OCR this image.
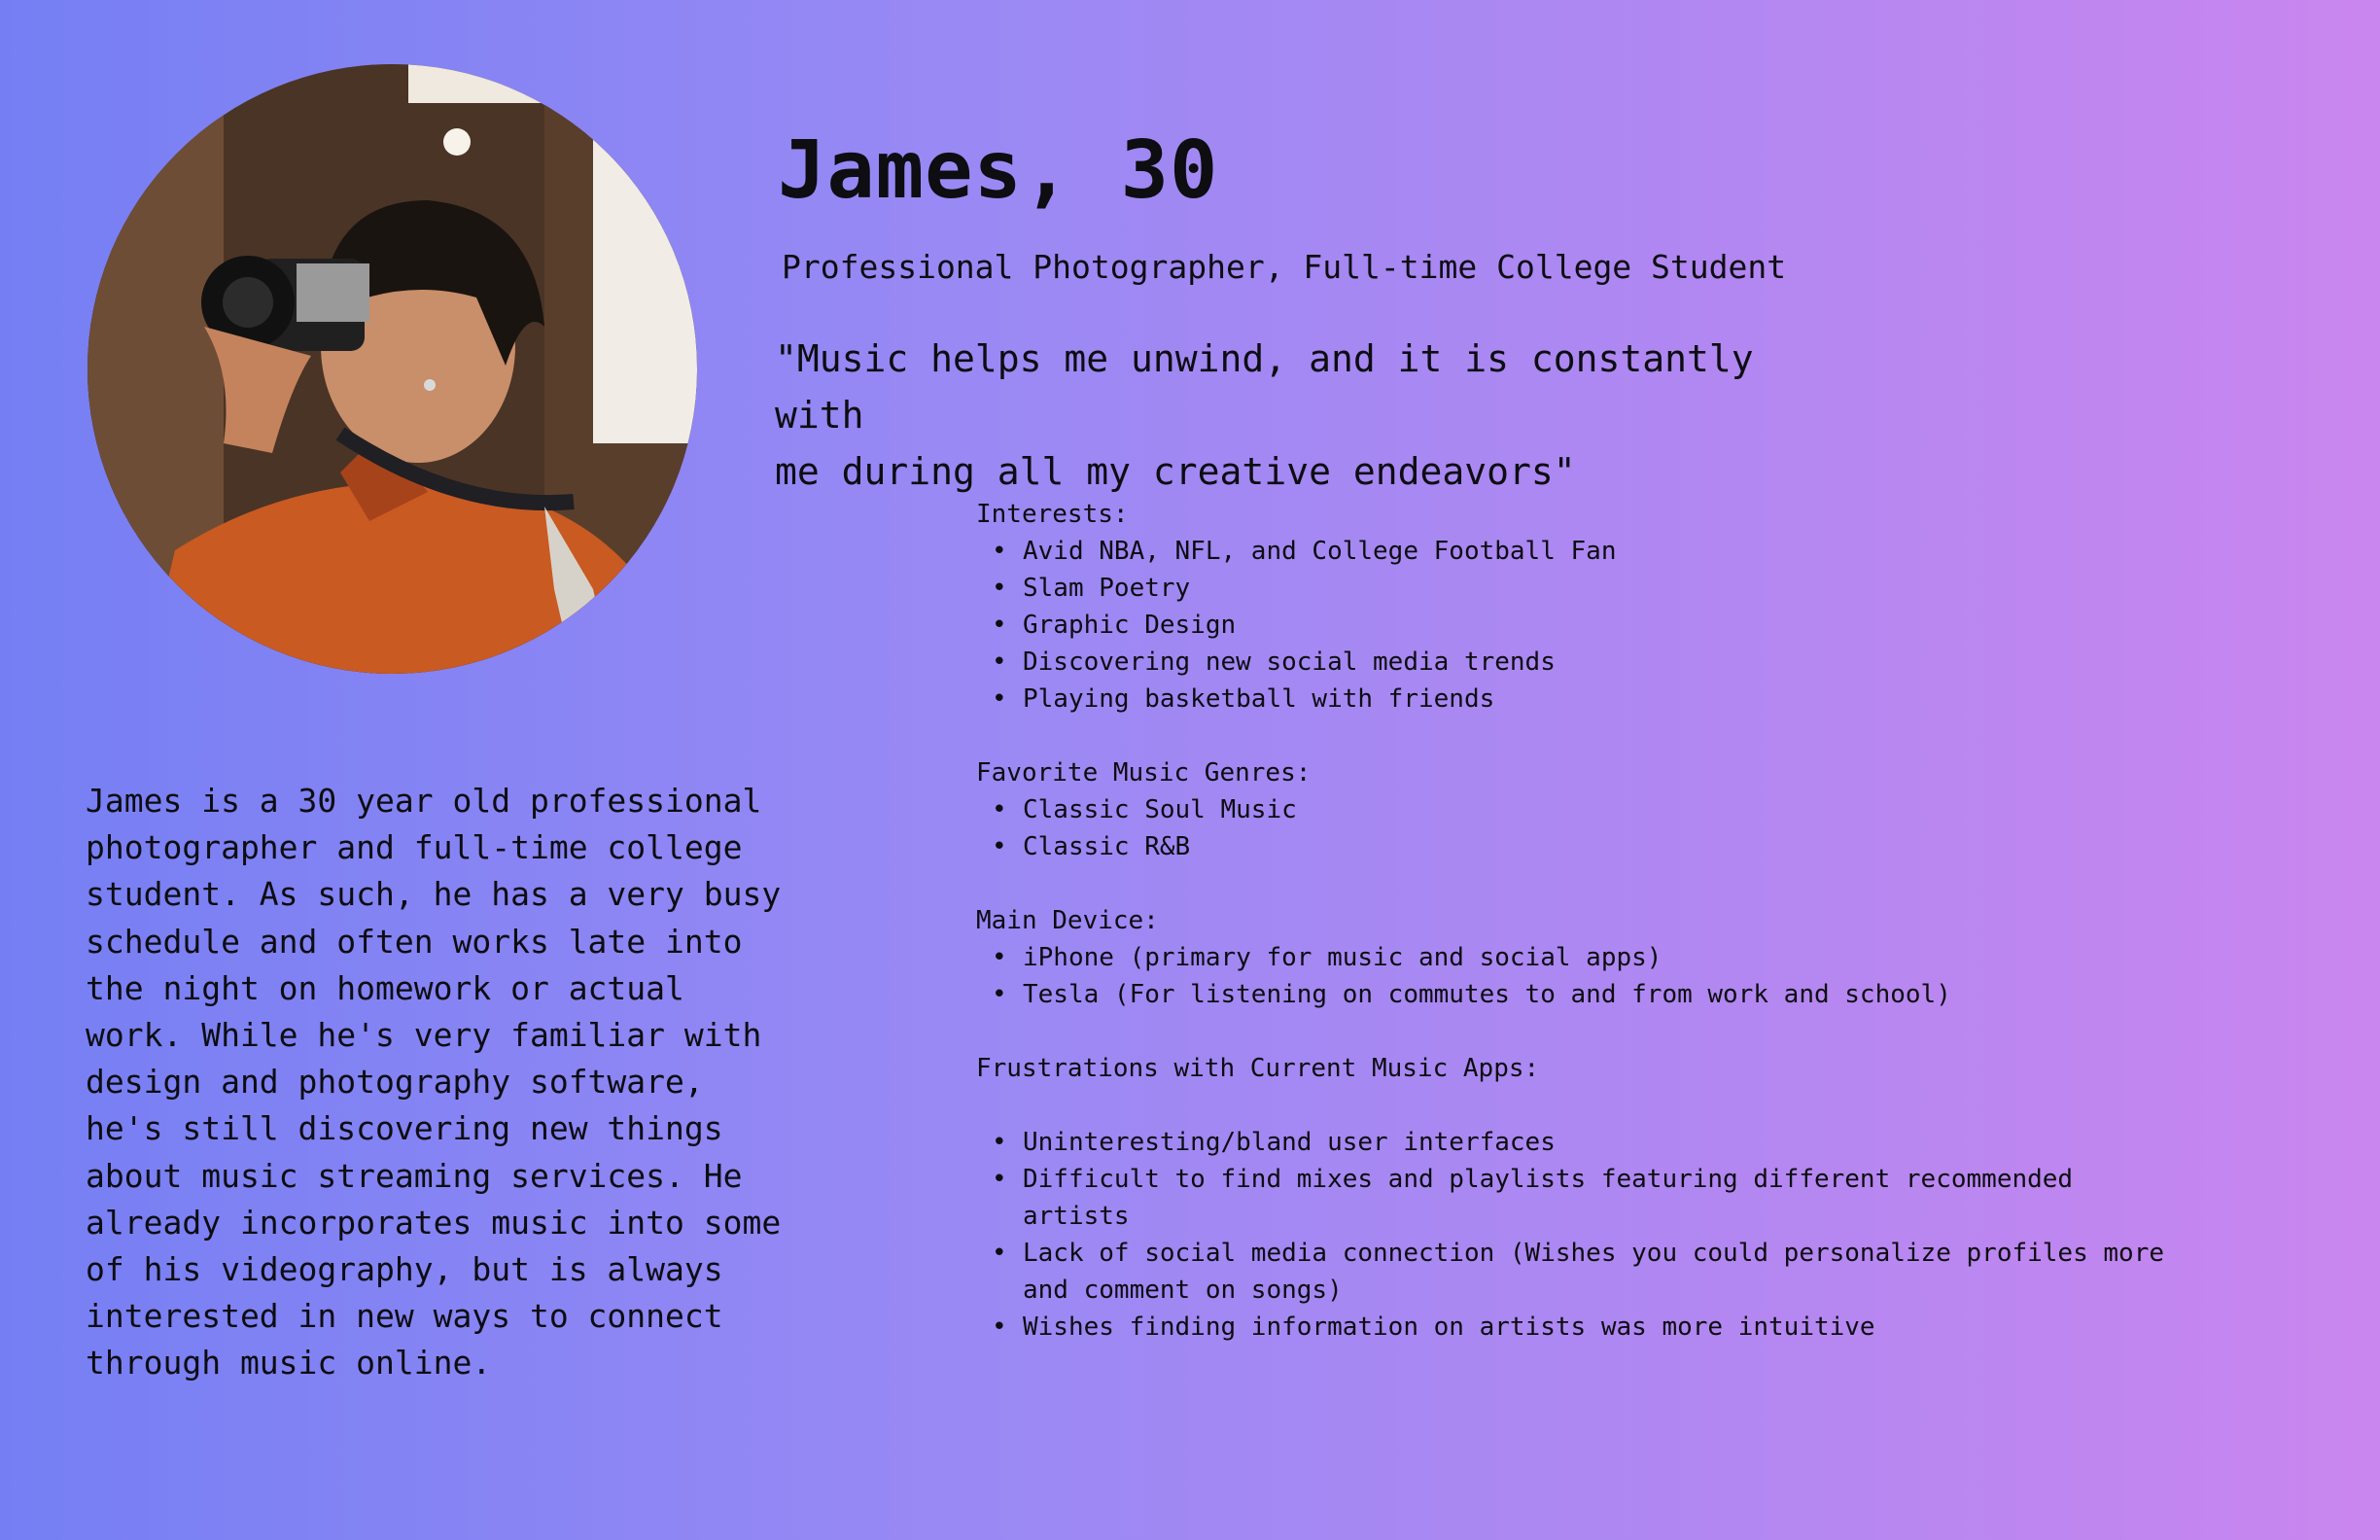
James, 30

Professional Photographer, Full-time College Student

"Music helps me unwind, and it is constantly with
me during all my creative endeavors"

James is a 30 year old professional photographer and full-time college student. As such, he has a very busy schedule and often works late into the night on homework or actual work. While he's very familiar with design and photography software, he's still discovering new things about music streaming services. He already incorporates music into some of his videography, but is always interested in new ways to connect through music online.

Interests:
• Avid NBA, NFL, and College Football Fan
• Slam Poetry
• Graphic Design
• Discovering new social media trends
• Playing basketball with friends
Favorite Music Genres:
• Classic Soul Music
• Classic R&B
Main Device:
• iPhone (primary for music and social apps)
• Tesla (For listening on commutes to and from work and school)
Frustrations with Current Music Apps:
• Uninteresting/bland user interfaces
• Difficult to find mixes and playlists featuring different recommended artists
• Lack of social media connection (Wishes you could personalize profiles more and comment on songs)
• Wishes finding information on artists was more intuitive
